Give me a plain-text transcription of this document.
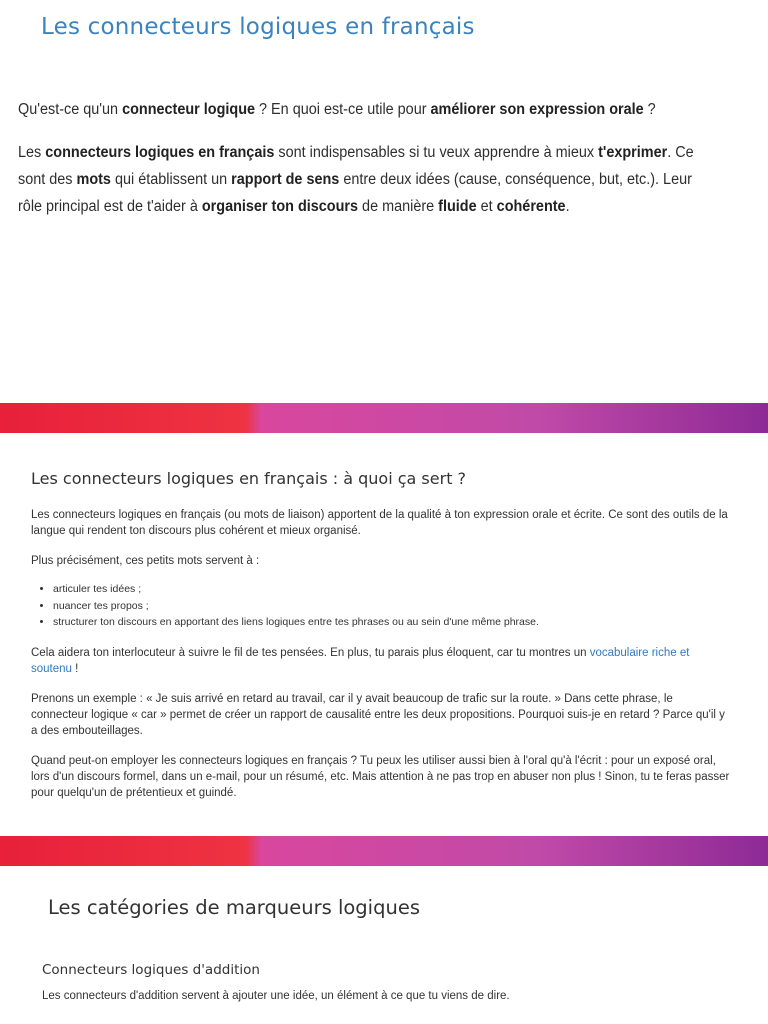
Les connecteurs logiques en français

Qu'est-ce qu'un connecteur logique ? En quoi est-ce utile pour améliorer son expression orale ?

Les connecteurs logiques en français sont indispensables si tu veux apprendre à mieux t'exprimer. Ce sont des mots qui établissent un rapport de sens entre deux idées (cause, conséquence, but, etc.). Leur rôle principal est de t'aider à organiser ton discours de manière fluide et cohérente.

Les connecteurs logiques en français : à quoi ça sert ?

Les connecteurs logiques en français (ou mots de liaison) apportent de la qualité à ton expression orale et écrite. Ce sont des outils de la langue qui rendent ton discours plus cohérent et mieux organisé.

Plus précisément, ces petits mots servent à :

• articuler tes idées ;
• nuancer tes propos ;
• structurer ton discours en apportant des liens logiques entre tes phrases ou au sein d'une même phrase.

Cela aidera ton interlocuteur à suivre le fil de tes pensées. En plus, tu parais plus éloquent, car tu montres un vocabulaire riche et soutenu !

Prenons un exemple : « Je suis arrivé en retard au travail, car il y avait beaucoup de trafic sur la route. » Dans cette phrase, le connecteur logique « car » permet de créer un rapport de causalité entre les deux propositions. Pourquoi suis-je en retard ? Parce qu'il y a des embouteillages.

Quand peut-on employer les connecteurs logiques en français ? Tu peux les utiliser aussi bien à l'oral qu'à l'écrit : pour un exposé oral, lors d'un discours formel, dans un e-mail, pour un résumé, etc. Mais attention à ne pas trop en abuser non plus ! Sinon, tu te feras passer pour quelqu'un de prétentieux et guindé.

Les catégories de marqueurs logiques
Connecteurs logiques d'addition

Les connecteurs d'addition servent à ajouter une idée, un élément à ce que tu viens de dire.
